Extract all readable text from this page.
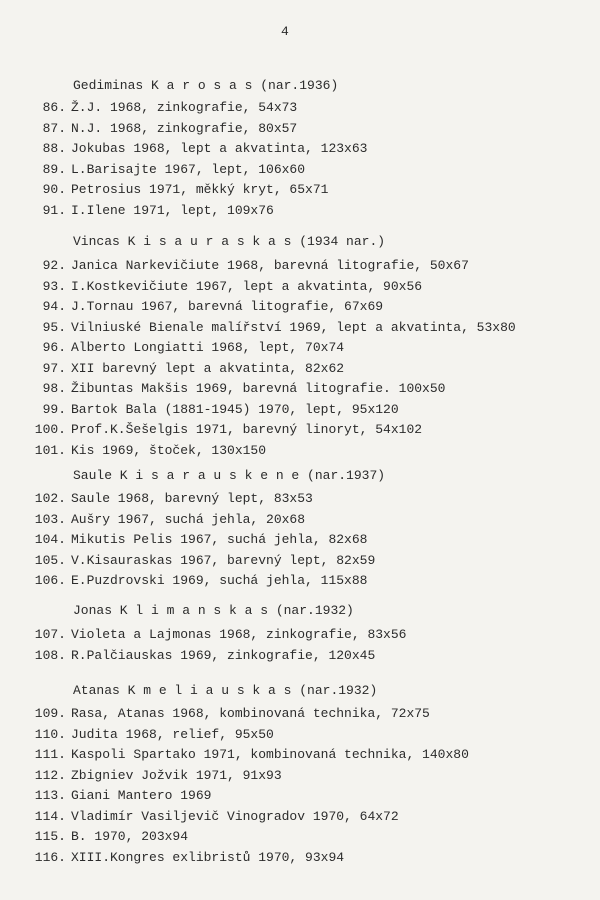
4
Gediminas K a r o s a s (nar.1936)
86. Ž.J. 1968, zinkografie, 54x73
87. N.J. 1968, zinkografie, 80x57
88. Jokubas 1968, lept a akvatinta, 123x63
89. L.Barisajte 1967, lept, 106x60
90. Petrosius 1971, měkký kryt, 65x71
91. I.Ilene 1971, lept, 109x76
Vincas K i s a u r a s k a s (1934 nar.)
92. Janica Narkevičiute 1968, barevná litografie, 50x67
93. I.Kostkevičiute 1967, lept a akvatinta, 90x56
94. J.Tornau 1967, barevná litografie, 67x69
95. Vilniuské Bienale malířství 1969, lept a akvatinta, 53x80
96. Alberto Longiatti 1968, lept, 70x74
97. XII barevný lept a akvatinta, 82x62
98. Žibuntas Makšis 1969, barevná litografie. 100x50
99. Bartok Bala (1881-1945) 1970, lept, 95x120
100. Prof.K.Šešelgis 1971, barevný linoryt, 54x102
101. Kis 1969, štoček, 130x150
Saule K i s a r a u s k e n e (nar.1937)
102. Saule 1968, barevný lept, 83x53
103. Aušry 1967, suchá jehla, 20x68
104. Mikutis Pelis 1967, suchá jehla, 82x68
105. V.Kisauraskas 1967, barevný lept, 82x59
106. E.Puzdrovski 1969, suchá jehla, 115x88
Jonas K l i m a n s k a s (nar.1932)
107. Violeta a Lajmonas 1968, zinkografie, 83x56
108. R.Palčiauskas 1969, zinkografie, 120x45
Atanas K m e l i a u s k a s (nar.1932)
109. Rasa, Atanas 1968, kombinovaná technika, 72x75
110. Judita 1968, relief, 95x50
111. Kaspoli Spartako 1971, kombinovaná technika, 140x80
112. Zbigniev Jožvik 1971, 91x93
113. Giani Mantero 1969
114. Vladimír Vasiljevič Vinogradov 1970, 64x72
115. B. 1970, 203x94
116. XIII.Kongres exlibristů 1970, 93x94
